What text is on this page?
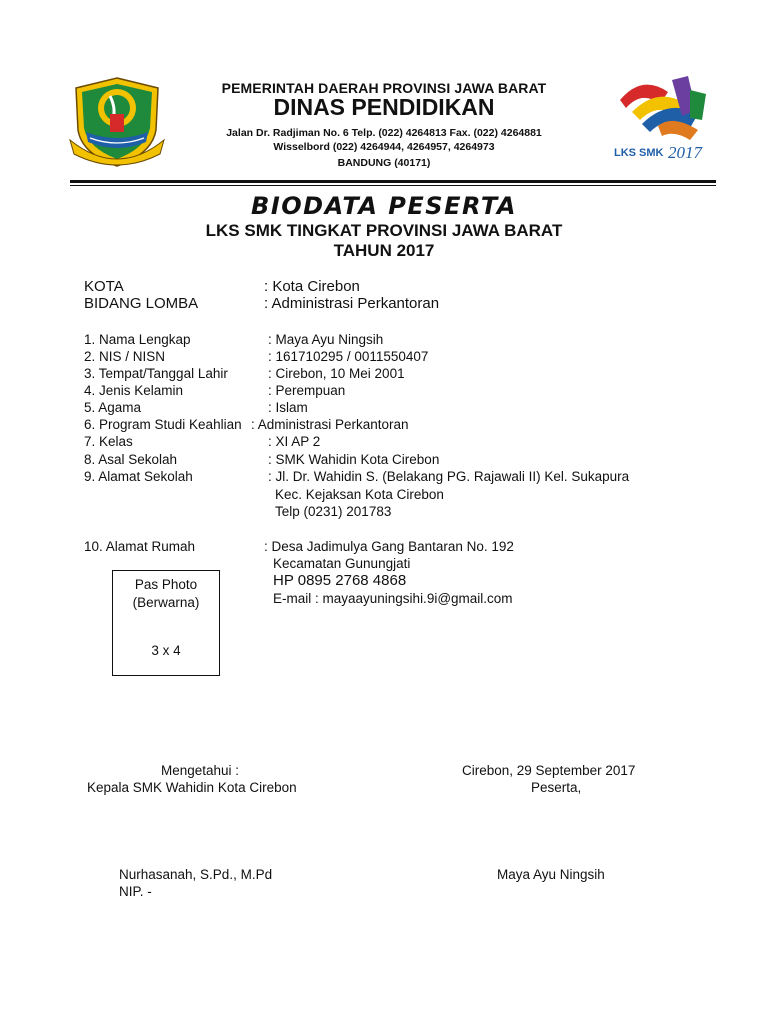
LKS SMK 2017
PEMERINTAH DAERAH PROVINSI JAWA BARAT
DINAS PENDIDIKAN
Jalan Dr. Radjiman No. 6 Telp. (022) 4264813 Fax. (022) 4264881
Wisselbord (022) 4264944, 4264957, 4264973
BANDUNG (40171)
BIODATA PESERTA
LKS SMK TINGKAT PROVINSI JAWA BARAT
TAHUN 2017
KOTA	: Kota Cirebon
BIDANG LOMBA	: Administrasi Perkantoran
1. Nama Lengkap	: Maya Ayu Ningsih
2. NIS / NISN	: 161710295 / 0011550407
3. Tempat/Tanggal Lahir	: Cirebon, 10 Mei 2001
4. Jenis Kelamin	: Perempuan
5. Agama	: Islam
6. Program Studi Keahlian : Administrasi Perkantoran
7. Kelas	: XI AP 2
8. Asal Sekolah	: SMK Wahidin Kota Cirebon
9. Alamat Sekolah	: Jl. Dr. Wahidin S. (Belakang PG. Rajawali II) Kel. Sukapura
Kec. Kejaksan Kota Cirebon
Telp (0231) 201783
10. Alamat Rumah	: Desa Jadimulya Gang Bantaran No. 192
Kecamatan Gunungjati
HP 0895 2768 4868
E-mail : mayaayuningsihi.9i@gmail.com
Pas Photo
(Berwarna)
3 x 4
Mengetahui :
Kepala SMK Wahidin Kota Cirebon
Nurhasanah, S.Pd., M.Pd
NIP. -
Cirebon, 29 September 2017
Peserta,
Maya Ayu Ningsih
